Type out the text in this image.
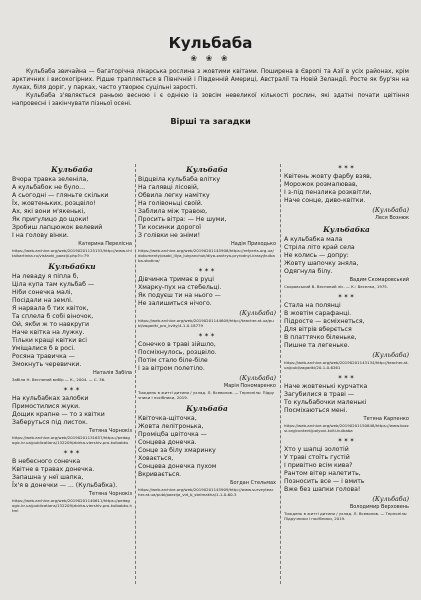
Кульбаба
❀ ❀ ❀

Кульбаба звичайна — багаторічна лікарська рослина з жовтими квітами. Поширена в Європі та Азії в усіх районах, крім арктичних і високогірних. Рідше трапляється в Північній і Південній Америці, Австралії та Новій Зеландії. Росте як бур'ян на луках, біля доріг, у парках, часто утворює суцільні зарості.

Кульбаба з'являється раньою весною і є однією із зовсім невеликої кількості рослин, які здатні почати цвітіння напровесні і закінчувати пізньої осені.

Вірші та загадки
Кульбаба
Вчора травка зеленіла,
А кульбабок не було...
А сьогодні — гляньте скільки
Їх, жовтеньких, розцвіло!
Ах, які вони м'якенькі,
Як пригулицо до щоки!
Зробиш лапцюжок велевий
І на голову вінки.
Катерина Перелісна
https://web.archive.org/web/20190201125153/http://www.chitaikartinka.ru/vistavki_poeziji.php?i=79
Кульбабки
На леваду я піпла б,
Ціла купа там кульбаб —
Ніби сонечка малі,
Посідали на землі.
Я нарвала б тих квіток,
Та сплела б собі віночок,
Ой, якби ж то навкруги
Наче квітка на лужку.
Тільки кращі квітки всі
Уміщалися б в росі.
Росяна травичка —
Змокнуть черевички.
Наталія Забіла
Забіла Н. Весняний вибір — К., 2004. — С. 36.
✶✶✶
На кульбабках залобки
Примостилися жуки.
Дощик крапне — то з квітки
Заберуться під листок.
Тетяна Чорнокіз
https://web.archive.org/web/20190201131657/https://pedagogic.kr.ua/publications/132209/zbirka-viershiv-pro-kulbabku
✶✶✶
В небесного сонечка
Квітне в травах донечка.
Запашна у неї шапка,
Їх'я в донечки — ... (Кульбабка).
Тетяна Чорнокіз
https://web.archive.org/web/20190201140611/https://pedagogic.kr.ua/publications/132209/zbirka-viershiv-pro-kulbabku.html
Кульбаба
Відцвіла кульбаба влітку
На галявці лісовій,
Обвила легку намітку
На голівоньці своїй.
Заблила між травою,
Просить вітра: — Не шуми,
Ти косинки дорогої
З голівки не зніми!
Надія Приходько
https://web.archive.org/web/20190201145908/https://refyerts.org.ua/dokumenty/osobi_illya_lukyanchuk/dlya-zavtrya-pryrodnyi-krasy/kulbaba-skotina/
✶✶✶
Дівчинка тримає в руці
Хмарку-пух на стебельці.
Як подуєш ти на нього —
Не залишиться нічого.
(Кульбаба)
https://web.archive.org/web/20190201144609/http://teacher.at.ua/publ/zagadki_pro_kvity/4-1-0-18779
✶✶✶
Сонечко в траві зійшло,
Посміхнулось, розцвіло.
Потім стало біле-біле
І за вітром полетіло.
(Кульбаба)
Марія Пономаренко
Тиждень в житті дитини / ухлад. Л. Всеволов. — Тернопіль: Підручники і посібники, 2019.
Кульбаба
Квіточка-щіточка,
Жовта лелітронька,
Проміцба цвіточка —
Сонцева донечка.
Сонце за білу хмаринку
Ховається,
Сонцева донечка пухом
Вкривається.
Богдан Стельмах
https://web.archive.org/web/20190201145909/http://www.surveyteacher.at.ua/publ/poezija_vid_b_stelmakha/1-1-0-60-3
✶✶✶
Квітень жовту фарбу взяв,
Морожок розмалював,
І з-під пензлика розквітли,
Наче сонце, диво-квітки.
(Кульбаба)
Леся Вознюк
Кульбабка
А кульбабка мала
Стріла літо край села
Не колись — допру:
Жовту шапочку зняла,
Одягнула білу.
Вадим Скомаровський
Скоровський В. Весняний ліс. — К.: Веселка, 1975.
✶✶✶
Стала на полянці
В жовтім сарафанці.
Підросте — всміхнеться,
Для вітрів вберється
В платтячко біленьке,
Пишне та легеньке.
(Кульбаба)
https://web.archive.org/web/20190201143134/http://teacher.at.ua/publ/zagadki/20-1-0-6261
✶✶✶
Наче жовтенькі курчатка
Загубилися в траві —
То кульбабочки маленькі
Посміхаються мені.
Тетяна Карпенко
https://web.archive.org/web/20190201150848/https://www.kozzsi.org/content/polyovi-kviti-kulbaba
✶✶✶
Хто у шапці золотій
У траві стоїть густій
І привітно всім кива?
Рантом вітер налетить,
Позносить все — і вмить
Вже без шапки голова!
(Кульбаба)
Володимир Верховень
Тиждень в житті дитини / ухлад. Л. Всеволов. — Тернопіль: Підручники і посібники, 2019.
